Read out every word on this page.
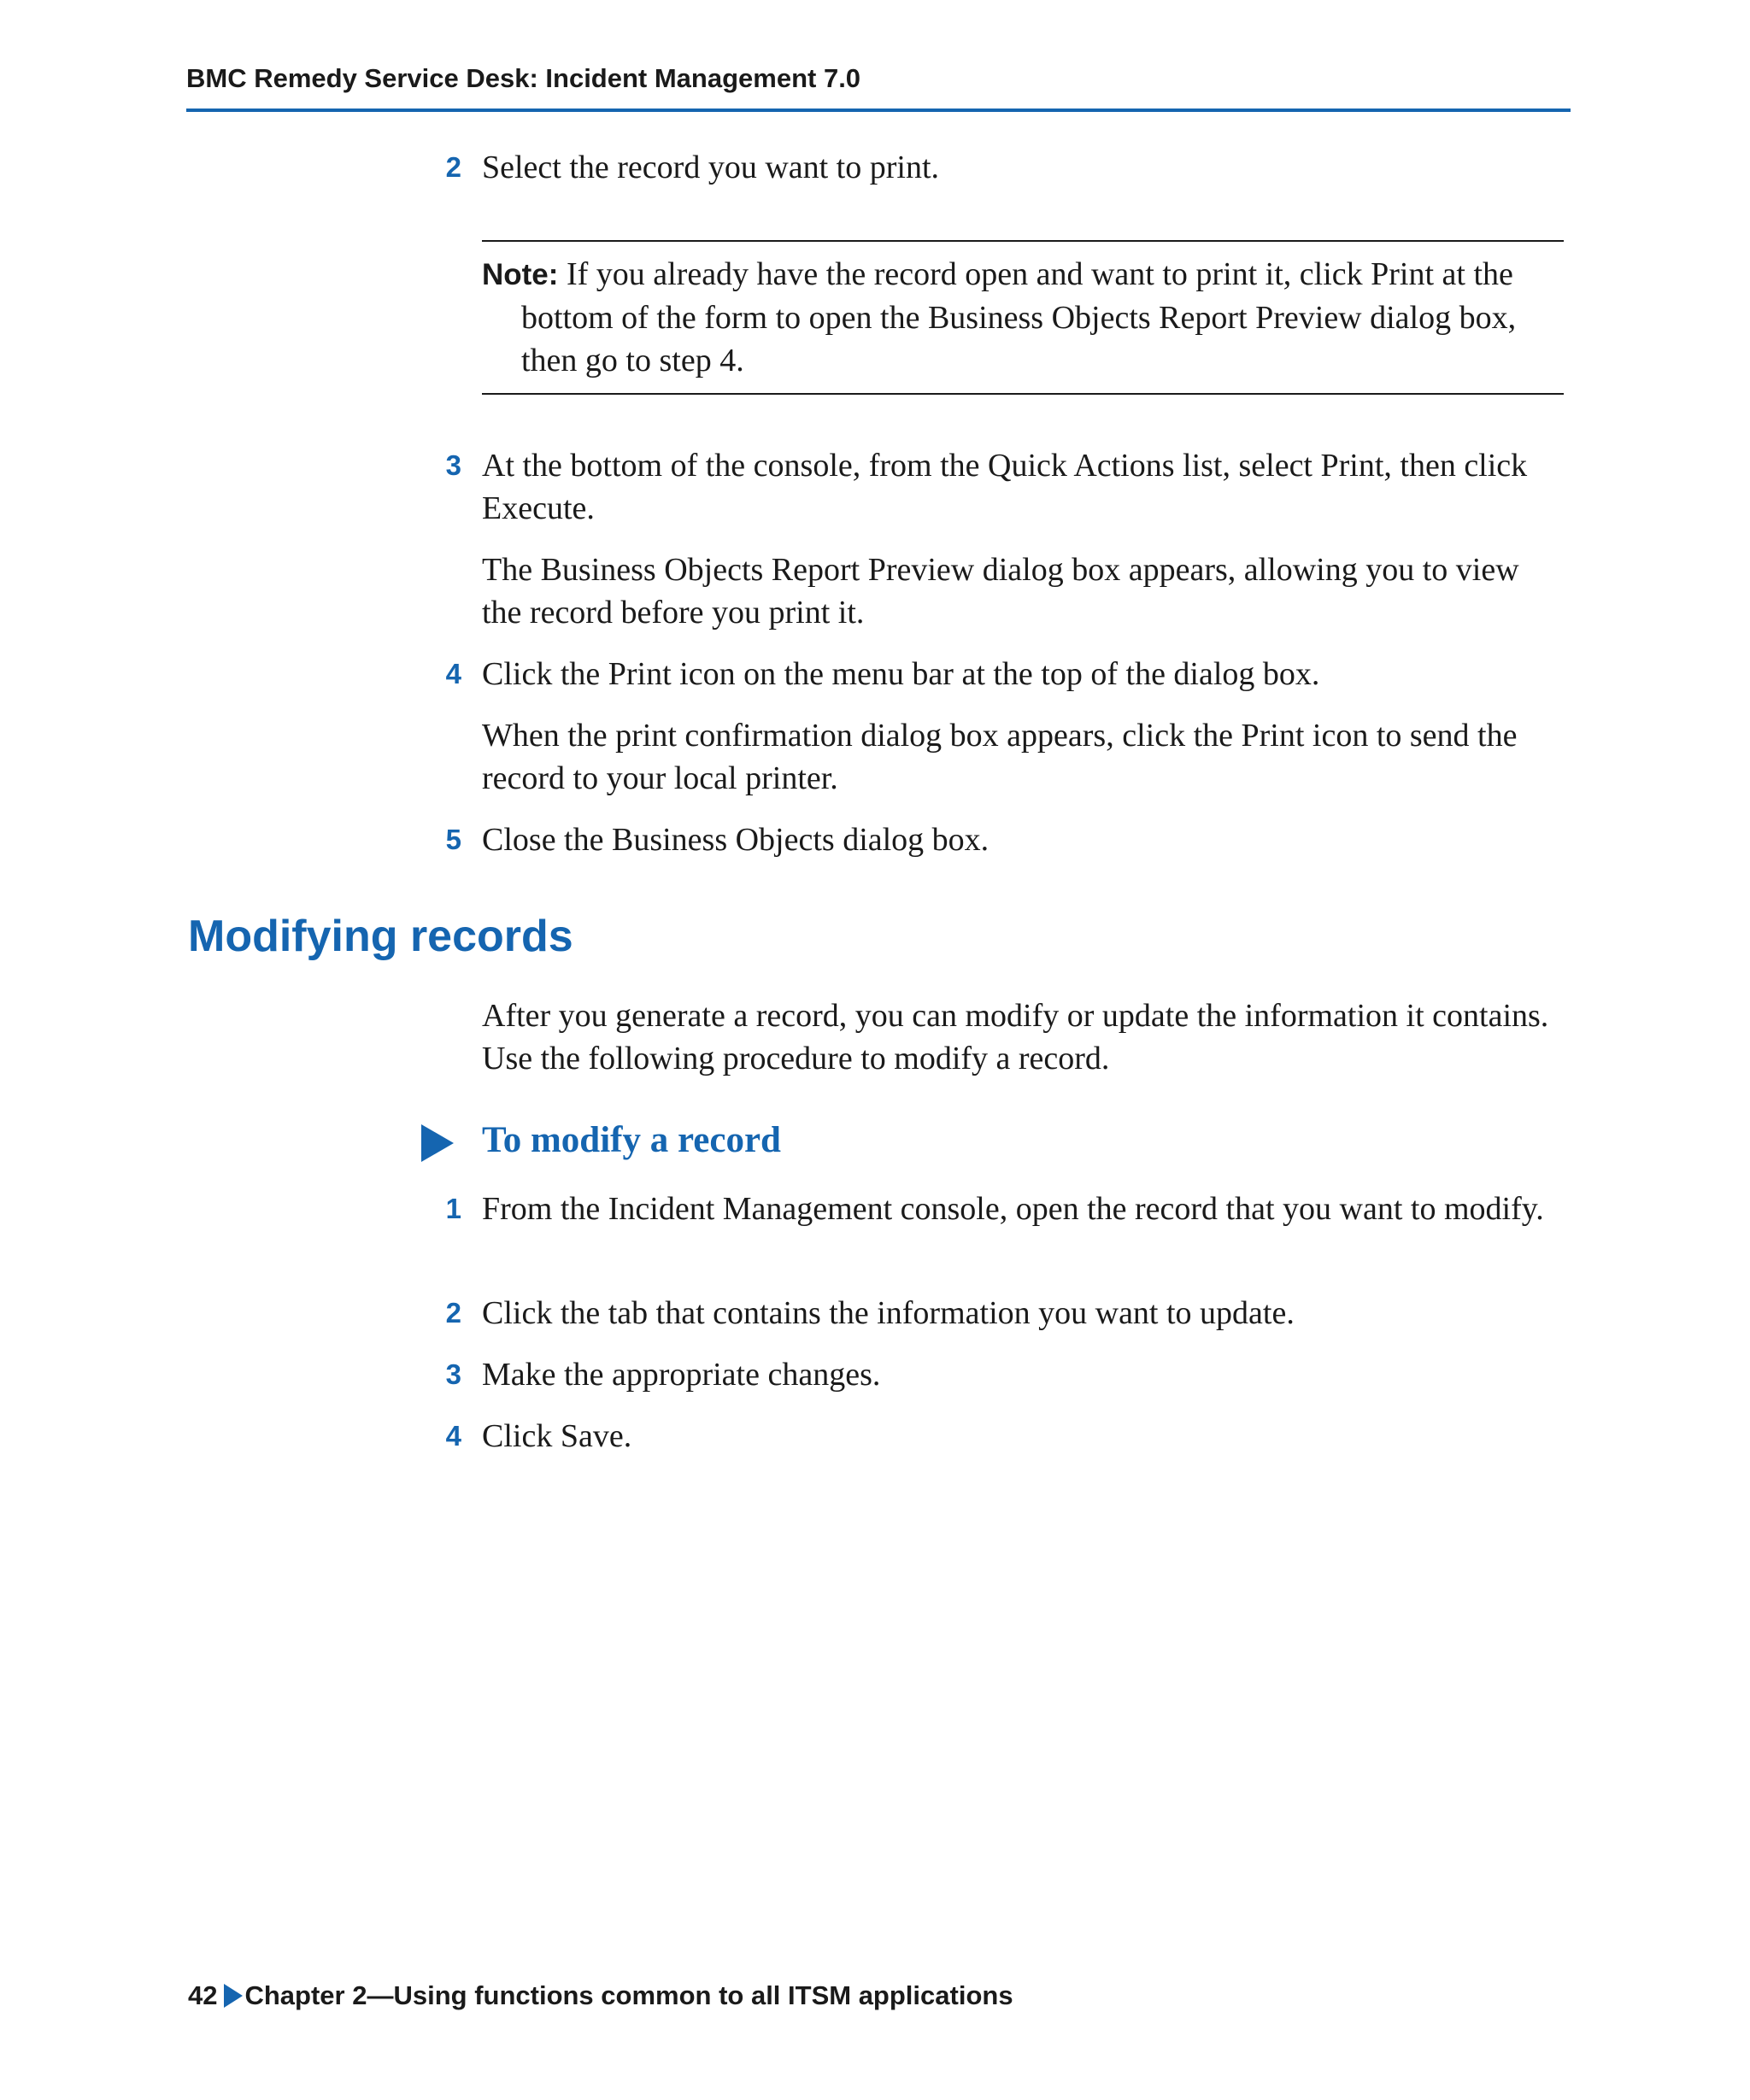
BMC Remedy Service Desk: Incident Management 7.0
2 Select the record you want to print.
Note: If you already have the record open and want to print it, click Print at the bottom of the form to open the Business Objects Report Preview dialog box, then go to step 4.
3 At the bottom of the console, from the Quick Actions list, select Print, then click Execute.
The Business Objects Report Preview dialog box appears, allowing you to view the record before you print it.
4 Click the Print icon on the menu bar at the top of the dialog box.
When the print confirmation dialog box appears, click the Print icon to send the record to your local printer.
5 Close the Business Objects dialog box.
Modifying records
After you generate a record, you can modify or update the information it contains. Use the following procedure to modify a record.
To modify a record
1 From the Incident Management console, open the record that you want to modify.
2 Click the tab that contains the information you want to update.
3 Make the appropriate changes.
4 Click Save.
42 Chapter 2—Using functions common to all ITSM applications
